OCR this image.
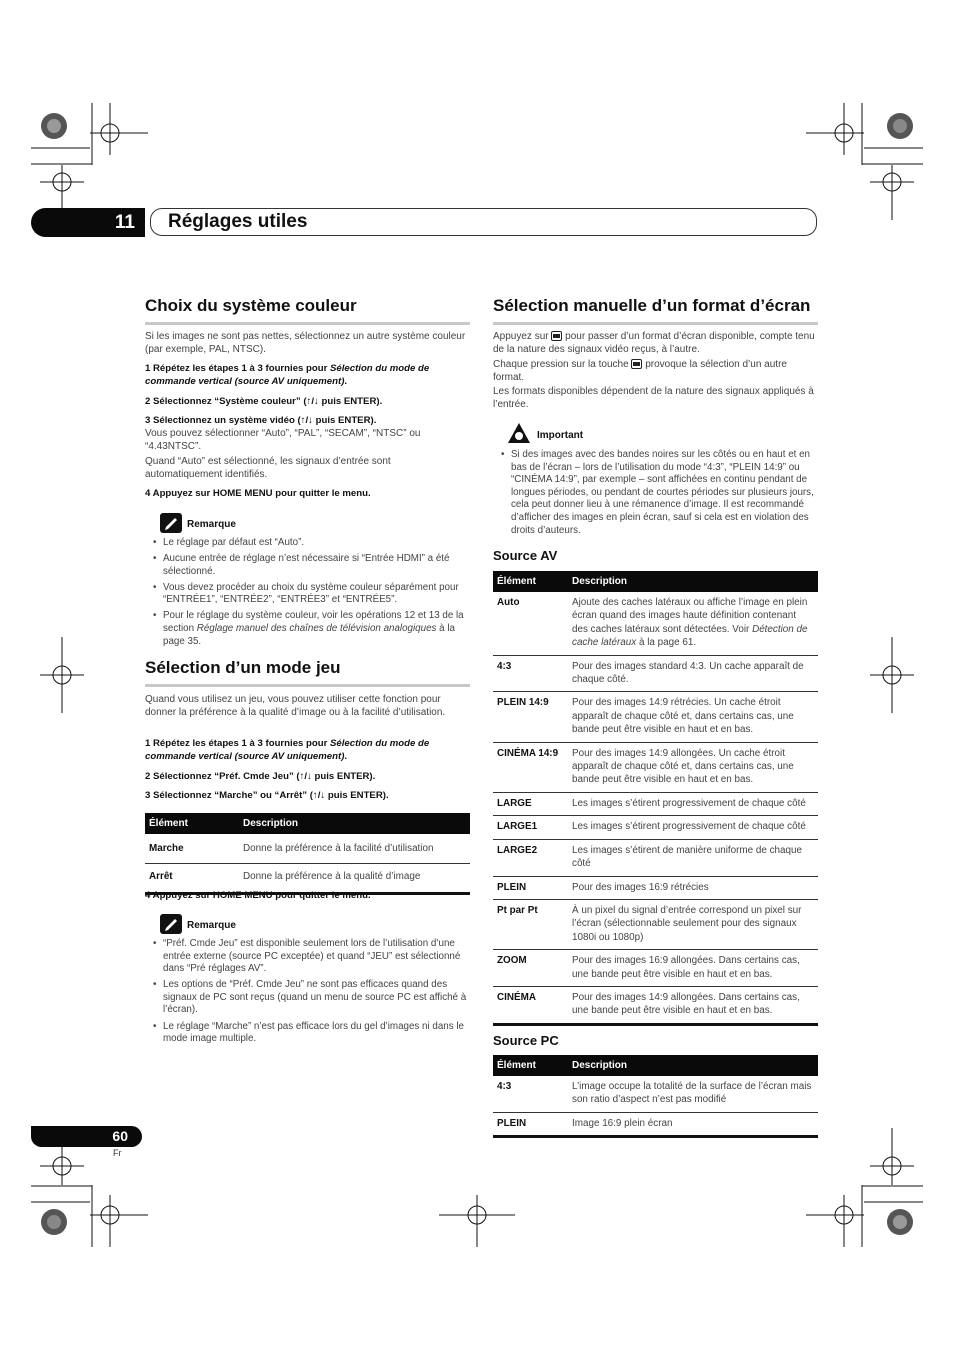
11	Réglages utiles
Choix du système couleur

Si les images ne sont pas nettes, sélectionnez un autre système couleur (par exemple, PAL, NTSC).

1 Répétez les étapes 1 à 3 fournies pour Sélection du mode de commande vertical (source AV uniquement).

2 Sélectionnez “Système couleur” (↑/↓ puis ENTER).

3 Sélectionnez un système vidéo (↑/↓ puis ENTER).

Vous pouvez sélectionner “Auto”, “PAL”, “SECAM”, “NTSC” ou “4.43NTSC”.

Quand “Auto” est sélectionné, les signaux d’entrée sont automatiquement identifiés.

4 Appuyez sur HOME MENU pour quitter le menu.

Remarque
• Le réglage par défaut est “Auto”.
• Aucune entrée de réglage n’est nécessaire si “Entrée HDMI” a été sélectionné.
• Vous devez procéder au choix du système couleur séparément pour “ENTRÉE1”, “ENTRÉE2”, “ENTRÉE3” et “ENTRÉE5”.
• Pour le réglage du système couleur, voir les opérations 12 et 13 de la section Réglage manuel des chaînes de télévision analogiques à la page 35.
Sélection d’un mode jeu

Quand vous utilisez un jeu, vous pouvez utiliser cette fonction pour donner la préférence à la qualité d’image ou à la facilité d’utilisation.

1 Répétez les étapes 1 à 3 fournies pour Sélection du mode de commande vertical (source AV uniquement).

2 Sélectionnez “Préf. Cmde Jeu” (↑/↓ puis ENTER).

3 Sélectionnez “Marche” ou “Arrêt” (↑/↓ puis ENTER).

Élément	Description
Marche	Donne la préférence à la facilité d’utilisation
Arrêt	Donne la préférence à la qualité d’image

4 Appuyez sur HOME MENU pour quitter le menu.

Remarque
• “Préf. Cmde Jeu” est disponible seulement lors de l’utilisation d’une entrée externe (source PC exceptée) et quand “JEU” est sélectionné dans “Pré réglages AV”.
• Les options de “Préf. Cmde Jeu” ne sont pas efficaces quand des signaux de PC sont reçus (quand un menu de source PC est affiché à l’écran).
• Le réglage “Marche” n’est pas efficace lors du gel d’images ni dans le mode image multiple.
Sélection manuelle d’un format d’écran

Appuyez sur  pour passer d’un format d’écran disponible, compte tenu de la nature des signaux vidéo reçus, à l’autre.

Chaque pression sur la touche  provoque la sélection d’un autre format.

Les formats disponibles dépendent de la nature des signaux appliqués à l’entrée.

Important
• Si des images avec des bandes noires sur les côtés ou en haut et en bas de l’écran – lors de l’utilisation du mode “4:3”, “PLEIN 14:9” ou “CINÉMA 14:9”, par exemple – sont affichées en continu pendant de longues périodes, ou pendant de courtes périodes sur plusieurs jours, cela peut donner lieu à une rémanence d’image. Il est recommandé d’afficher des images en plein écran, sauf si cela est en violation des droits d’auteurs.
Source AV
Élément	Description
Auto	Ajoute des caches latéraux ou affiche l’image en plein écran quand des images haute définition contenant des caches latéraux sont détectées. Voir Détection de cache latéraux à la page 61.
4:3	Pour des images standard 4:3. Un cache apparaît de chaque côté.
PLEIN 14:9	Pour des images 14:9 rétrécies. Un cache étroit apparaît de chaque côté et, dans certains cas, une bande peut être visible en haut et en bas.
CINÉMA 14:9	Pour des images 14:9 allongées. Un cache étroit apparaît de chaque côté et, dans certains cas, une bande peut être visible en haut et en bas.
LARGE	Les images s’étirent progressivement de chaque côté
LARGE1	Les images s’étirent progressivement de chaque côté
LARGE2	Les images s’étirent de manière uniforme de chaque côté
PLEIN	Pour des images 16:9 rétrécies
Pt par Pt	À un pixel du signal d’entrée correspond un pixel sur l’écran (sélectionnable seulement pour des signaux 1080i ou 1080p)
ZOOM	Pour des images 16:9 allongées. Dans certains cas, une bande peut être visible en haut et en bas.
CINÉMA	Pour des images 14:9 allongées. Dans certains cas, une bande peut être visible en haut et en bas.
Source PC
Élément	Description
4:3	L’image occupe la totalité de la surface de l’écran mais son ratio d’aspect n’est pas modifié
PLEIN	Image 16:9 plein écran
60
Fr
